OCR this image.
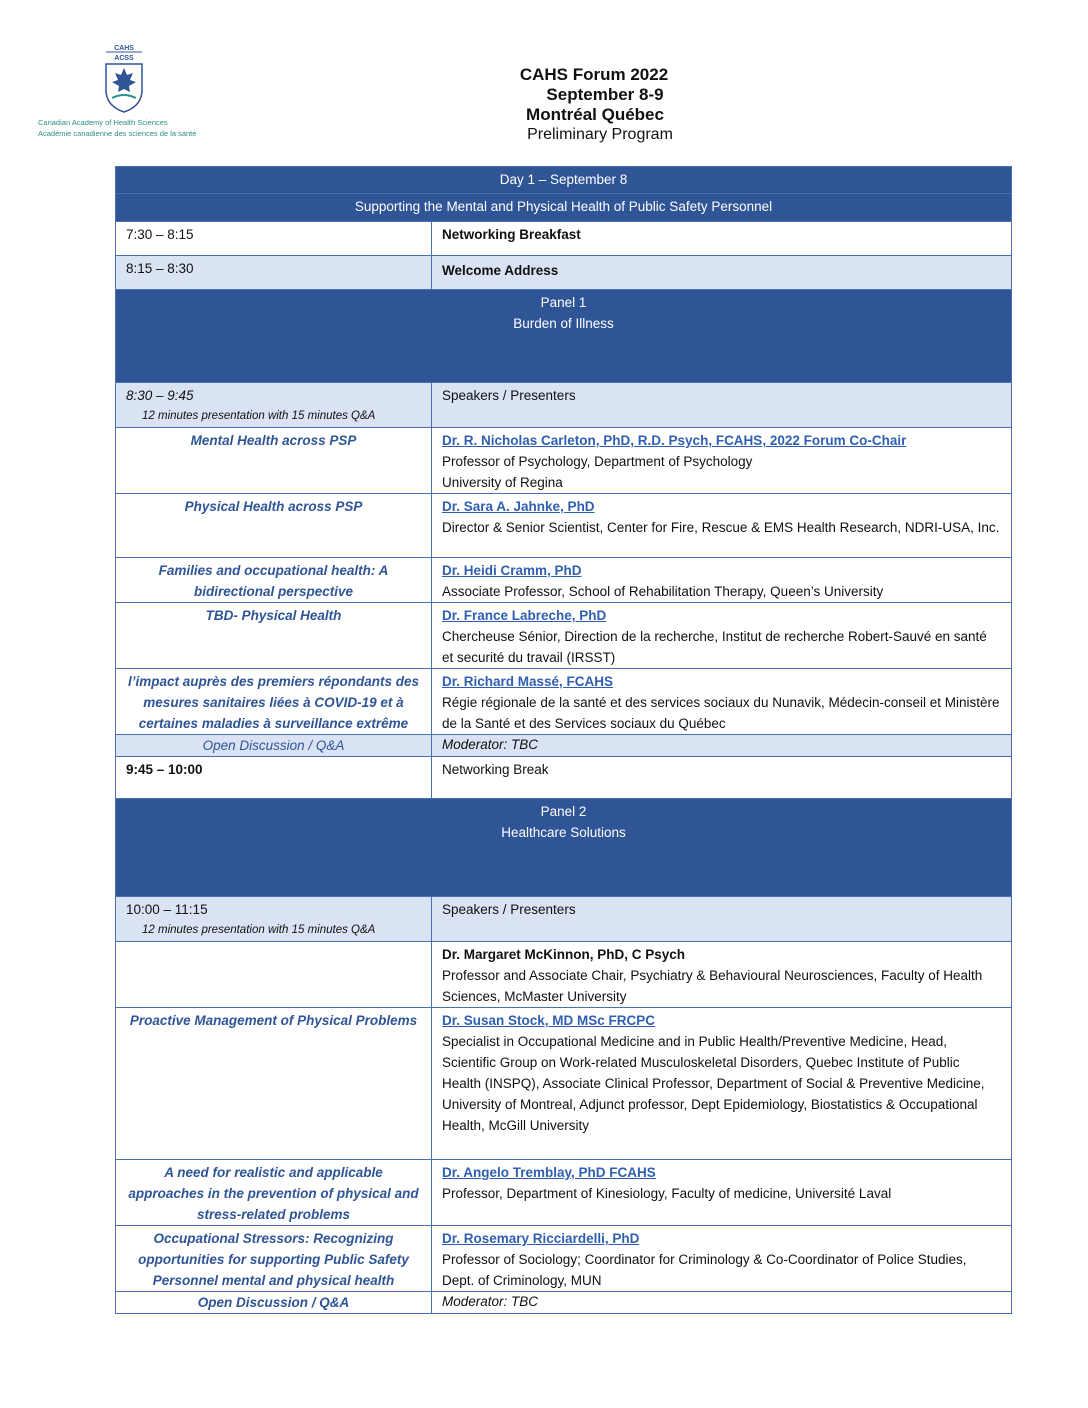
CAHS
ACSS
Canadian Academy of Health Sciences
Académie canadienne des sciences de la santé
CAHS Forum 2022
September 8-9
Montréal Québec
Preliminary Program
Day 1 – September 8	
Supporting the Mental and Physical Health of Public Safety Personnel	
7:30 – 8:15	Networking Breakfast
8:15 – 8:30	Welcome Address

Panel 1
Burden of Illness	

8:30 – 9:45
12 minutes presentation with 15 minutes Q&A	Speakers / Presenters
Mental Health across PSP	Dr. R. Nicholas Carleton, PhD, R.D. Psych, FCAHS, 2022 Forum Co-Chair
Professor of Psychology, Department of Psychology
University of Regina

Physical Health across PSP	Dr. Sara A. Jahnke, PhD
Director & Senior Scientist, Center for Fire, Rescue & EMS Health Research, NDRI-USA, Inc.

Families and occupational health: A bidirectional perspective	Dr. Heidi Cramm, PhD
Associate Professor, School of Rehabilitation Therapy, Queen’s University

TBD- Physical Health	Dr. France Labreche, PhD
Chercheuse Sénior, Direction de la recherche, Institut de recherche Robert-Sauvé en santé et securité du travail (IRSST)

l’impact auprès des premiers répondants des mesures sanitaires liées à COVID-19 et à certaines maladies à surveillance extrême	Dr. Richard Massé, FCAHS
Régie régionale de la santé et des services sociaux du Nunavik, Médecin-conseil et Ministère de la Santé et des Services sociaux du Québec

Open Discussion / Q&A	Moderator: TBC
9:45 – 10:00	Networking Break

Panel 2
Healthcare Solutions	

10:00 – 11:15
12 minutes presentation with 15 minutes Q&A	Speakers / Presenters

	Dr. Margaret McKinnon, PhD, C Psych
Professor and Associate Chair, Psychiatry & Behavioural Neurosciences, Faculty of Health Sciences, McMaster University

Proactive Management of Physical Problems	Dr. Susan Stock, MD MSc FRCPC
Specialist in Occupational Medicine and in Public Health/Preventive Medicine, Head, Scientific Group on Work-related Musculoskeletal Disorders, Quebec Institute of Public Health (INSPQ), Associate Clinical Professor, Department of Social & Preventive Medicine, University of Montreal, Adjunct professor, Dept Epidemiology, Biostatistics & Occupational Health, McGill University

A need for realistic and applicable approaches in the prevention of physical and stress-related problems	Dr. Angelo Tremblay, PhD FCAHS
Professor, Department of Kinesiology, Faculty of medicine, Université Laval

Occupational Stressors: Recognizing opportunities for supporting Public Safety Personnel mental and physical health	Dr. Rosemary Ricciardelli, PhD
Professor of Sociology; Coordinator for Criminology & Co-Coordinator of Police Studies, Dept. of Criminology, MUN

Open Discussion / Q&A	Moderator: TBC
